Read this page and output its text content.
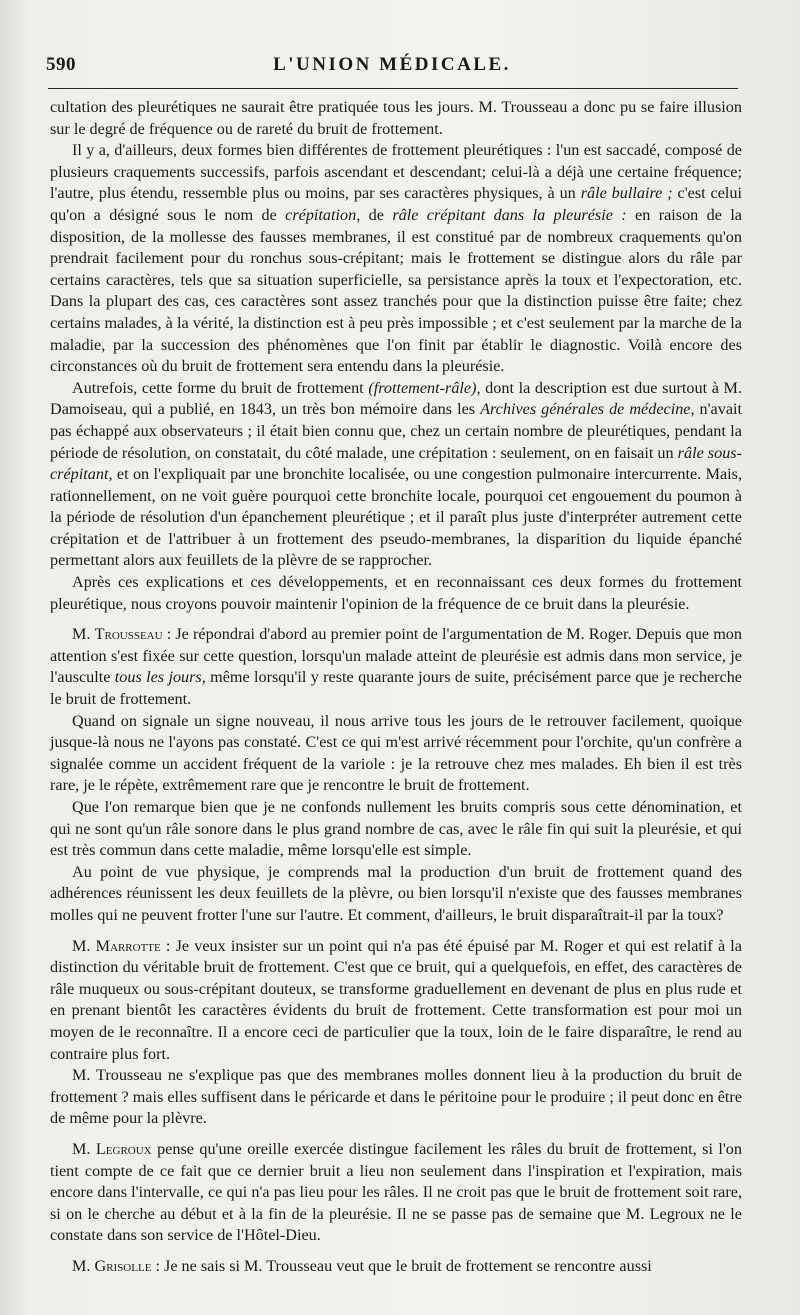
590	L'UNION MÉDICALE.

cultation des pleurétiques ne saurait être pratiquée tous les jours. M. Trousseau a donc pu se faire illusion sur le degré de fréquence ou de rareté du bruit de frottement.

Il y a, d'ailleurs, deux formes bien différentes de frottement pleurétiques : l'un est saccadé, composé de plusieurs craquements successifs, parfois ascendant et descendant; celui-là a déjà une certaine fréquence; l'autre, plus étendu, ressemble plus ou moins, par ses caractères physiques, à un râle bullaire ; c'est celui qu'on a désigné sous le nom de crépitation, de râle crépitant dans la pleurésie : en raison de la disposition, de la mollesse des fausses membranes, il est constitué par de nombreux craquements qu'on prendrait facilement pour du ronchus sous-crépitant; mais le frottement se distingue alors du râle par certains caractères, tels que sa situation superficielle, sa persistance après la toux et l'expectoration, etc. Dans la plupart des cas, ces caractères sont assez tranchés pour que la distinction puisse être faite; chez certains malades, à la vérité, la distinction est à peu près impossible ; et c'est seulement par la marche de la maladie, par la succession des phénomènes que l'on finit par établir le diagnostic. Voilà encore des circonstances où du bruit de frottement sera entendu dans la pleurésie.

Autrefois, cette forme du bruit de frottement (frottement-râle), dont la description est due surtout à M. Damoiseau, qui a publié, en 1843, un très bon mémoire dans les Archives générales de médecine, n'avait pas échappé aux observateurs ; il était bien connu que, chez un certain nombre de pleurétiques, pendant la période de résolution, on constatait, du côté malade, une crépitation : seulement, on en faisait un râle sous-crépitant, et on l'expliquait par une bronchite localisée, ou une congestion pulmonaire intercurrente. Mais, rationnellement, on ne voit guère pourquoi cette bronchite locale, pourquoi cet engouement du poumon à la période de résolution d'un épanchement pleurétique ; et il paraît plus juste d'interpréter autrement cette crépitation et de l'attribuer à un frottement des pseudo-membranes, la disparition du liquide épanché permettant alors aux feuillets de la plèvre de se rapprocher.

Après ces explications et ces développements, et en reconnaissant ces deux formes du frottement pleurétique, nous croyons pouvoir maintenir l'opinion de la fréquence de ce bruit dans la pleurésie.

M. Trousseau : Je répondrai d'abord au premier point de l'argumentation de M. Roger. Depuis que mon attention s'est fixée sur cette question, lorsqu'un malade atteint de pleurésie est admis dans mon service, je l'ausculte tous les jours, même lorsqu'il y reste quarante jours de suite, précisément parce que je recherche le bruit de frottement.

Quand on signale un signe nouveau, il nous arrive tous les jours de le retrouver facilement, quoique jusque-là nous ne l'ayons pas constaté. C'est ce qui m'est arrivé récemment pour l'orchite, qu'un confrère a signalée comme un accident fréquent de la variole : je la retrouve chez mes malades. Eh bien il est très rare, je le répète, extrêmement rare que je rencontre le bruit de frottement.

Que l'on remarque bien que je ne confonds nullement les bruits compris sous cette dénomination, et qui ne sont qu'un râle sonore dans le plus grand nombre de cas, avec le râle fin qui suit la pleurésie, et qui est très commun dans cette maladie, même lorsqu'elle est simple.

Au point de vue physique, je comprends mal la production d'un bruit de frottement quand des adhérences réunissent les deux feuillets de la plèvre, ou bien lorsqu'il n'existe que des fausses membranes molles qui ne peuvent frotter l'une sur l'autre. Et comment, d'ailleurs, le bruit disparaîtrait-il par la toux?

M. Marrotte : Je veux insister sur un point qui n'a pas été épuisé par M. Roger et qui est relatif à la distinction du véritable bruit de frottement. C'est que ce bruit, qui a quelquefois, en effet, des caractères de râle muqueux ou sous-crépitant douteux, se transforme graduellement en devenant de plus en plus rude et en prenant bientôt les caractères évidents du bruit de frottement. Cette transformation est pour moi un moyen de le reconnaître. Il a encore ceci de particulier que la toux, loin de le faire disparaître, le rend au contraire plus fort.

M. Trousseau ne s'explique pas que des membranes molles donnent lieu à la production du bruit de frottement ? mais elles suffisent dans le péricarde et dans le péritoine pour le produire ; il peut donc en être de même pour la plèvre.

M. Legroux pense qu'une oreille exercée distingue facilement les râles du bruit de frottement, si l'on tient compte de ce fait que ce dernier bruit a lieu non seulement dans l'inspiration et l'expiration, mais encore dans l'intervalle, ce qui n'a pas lieu pour les râles. Il ne croit pas que le bruit de frottement soit rare, si on le cherche au début et à la fin de la pleurésie. Il ne se passe pas de semaine que M. Legroux ne le constate dans son service de l'Hôtel-Dieu.

M. Grisolle : Je ne sais si M. Trousseau veut que le bruit de frottement se rencontre aussi
